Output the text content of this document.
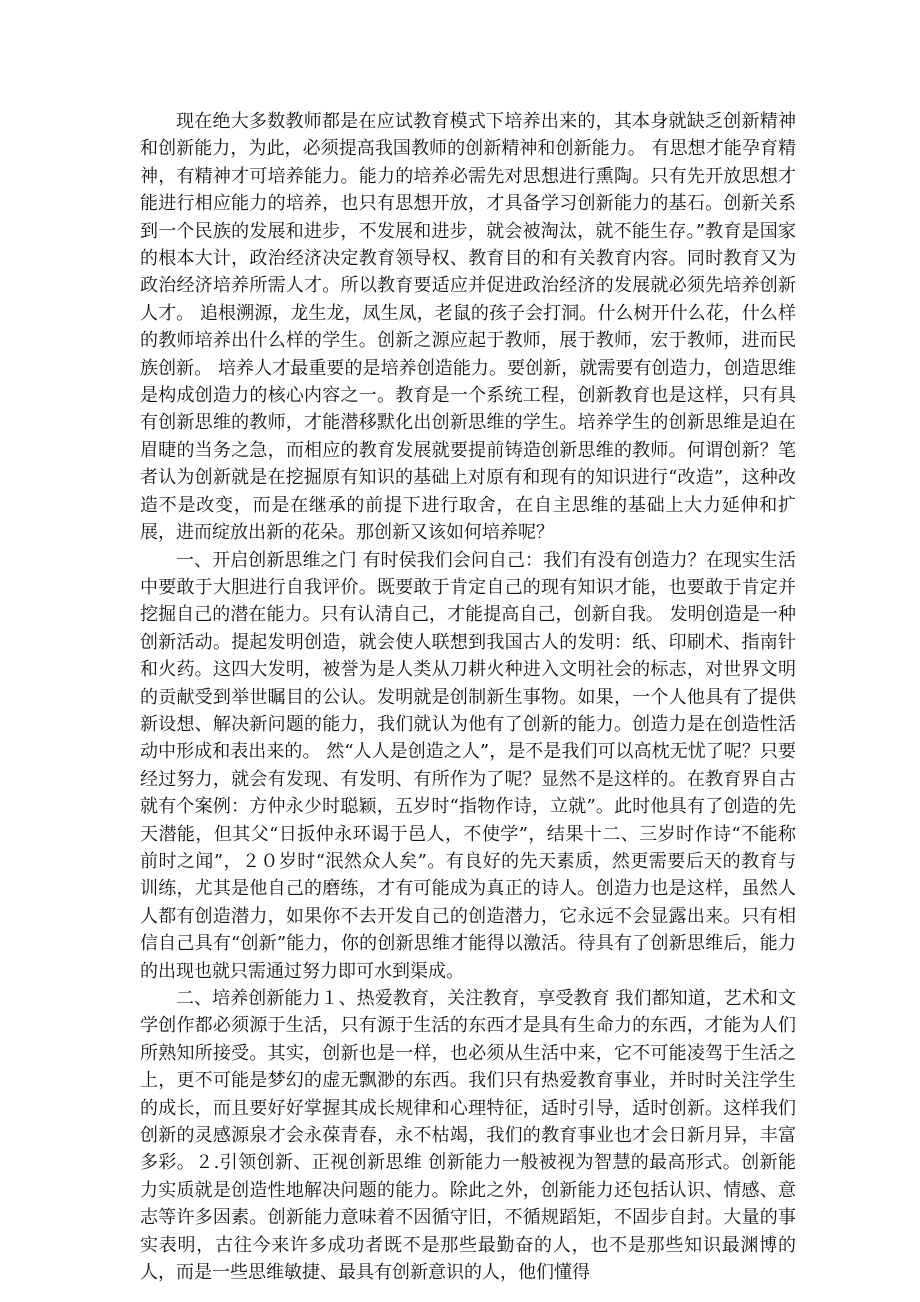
现在绝大多数教师都是在应试教育模式下培养出来的，其本身就缺乏创新精神和创新能力，为此，必须提高我国教师的创新精神和创新能力。 有思想才能孕育精神，有精神才可培养能力。能力的培养必需先对思想进行熏陶。只有先开放思想才能进行相应能力的培养，也只有思想开放，才具备学习创新能力的基石。创新关系到一个民族的发展和进步，不发展和进步，就会被淘汰，就不能生存。”教育是国家的根本大计，政治经济决定教育领导权、教育目的和有关教育内容。同时教育又为政治经济培养所需人才。所以教育要适应并促进政治经济的发展就必须先培养创新人才。 追根溯源，龙生龙，凤生凤，老鼠的孩子会打洞。什么树开什么花，什么样的教师培养出什么样的学生。创新之源应起于教师，展于教师，宏于教师，进而民族创新。 培养人才最重要的是培养创造能力。要创新，就需要有创造力，创造思维是构成创造力的核心内容之一。教育是一个系统工程，创新教育也是这样，只有具有创新思维的教师，才能潜移默化出创新思维的学生。培养学生的创新思维是迫在眉睫的当务之急，而相应的教育发展就要提前铸造创新思维的教师。何谓创新？笔者认为创新就是在挖掘原有知识的基础上对原有和现有的知识进行“改造”，这种改造不是改变，而是在继承的前提下进行取舍，在自主思维的基础上大力延伸和扩展，进而绽放出新的花朵。那创新又该如何培养呢？

一、开启创新思维之门 有时侯我们会问自己：我们有没有创造力？在现实生活中要敢于大胆进行自我评价。既要敢于肯定自己的现有知识才能，也要敢于肯定并挖掘自己的潜在能力。只有认清自己，才能提高自己，创新自我。 发明创造是一种创新活动。提起发明创造，就会使人联想到我国古人的发明：纸、印刷术、指南针和火药。这四大发明，被誉为是人类从刀耕火种进入文明社会的标志，对世界文明的贡献受到举世瞩目的公认。发明就是创制新生事物。如果，一个人他具有了提供新设想、解决新问题的能力，我们就认为他有了创新的能力。创造力是在创造性活动中形成和表出来的。 然“人人是创造之人”，是不是我们可以高枕无忧了呢？只要经过努力，就会有发现、有发明、有所作为了呢？显然不是这样的。在教育界自古就有个案例：方仲永少时聪颖，五岁时“指物作诗，立就”。此时他具有了创造的先天潜能，但其父“日扳仲永环谒于邑人，不使学”，结果十二、三岁时作诗“不能称前时之闻”，２０岁时“泯然众人矣”。有良好的先天素质，然更需要后天的教育与训练，尤其是他自己的磨练，才有可能成为真正的诗人。创造力也是这样，虽然人人都有创造潜力，如果你不去开发自己的创造潜力，它永远不会显露出来。只有相信自己具有“创新”能力，你的创新思维才能得以激活。待具有了创新思维后，能力的出现也就只需通过努力即可水到渠成。

二、培养创新能力１、热爱教育，关注教育，享受教育 我们都知道，艺术和文学创作都必须源于生活，只有源于生活的东西才是具有生命力的东西，才能为人们所熟知所接受。其实，创新也是一样，也必须从生活中来，它不可能凌驾于生活之上，更不可能是梦幻的虚无飘渺的东西。我们只有热爱教育事业，并时时关注学生的成长，而且要好好掌握其成长规律和心理特征，适时引导，适时创新。这样我们创新的灵感源泉才会永葆青春，永不枯竭，我们的教育事业也才会日新月异，丰富多彩。２.引领创新、正视创新思维 创新能力一般被视为智慧的最高形式。创新能力实质就是创造性地解决问题的能力。除此之外，创新能力还包括认识、情感、意志等许多因素。创新能力意味着不因循守旧，不循规蹈矩，不固步自封。大量的事实表明，古往今来许多成功者既不是那些最勤奋的人，也不是那些知识最渊博的人，而是一些思维敏捷、最具有创新意识的人，他们懂得
